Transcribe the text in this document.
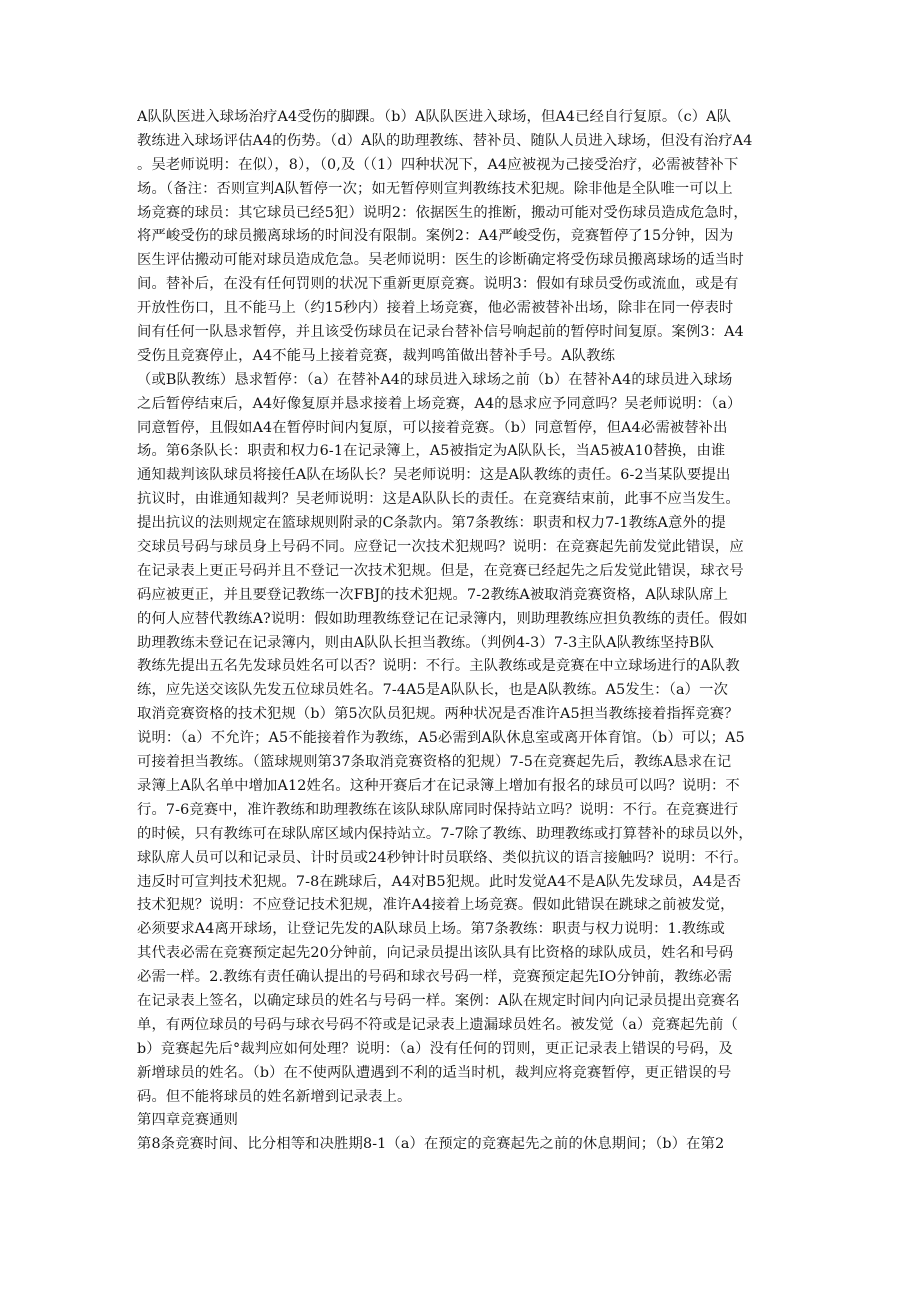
A队队医进入球场治疗A4受伤的脚踝。（b）A队队医进入球场，但A4已经自行复原。（c）A队
教练进入球场评估A4的伤势。（d）A队的助理教练、替补员、随队人员进入球场，但没有治疗A4
。吴老师说明：在似），8），（0,及（（1）四种状况下，A4应被视为己接受治疗，必需被替补下
场。（备注：否则宣判A队暂停一次；如无暂停则宣判教练技术犯规。除非他是全队唯一可以上
场竞赛的球员：其它球员已经5犯）说明2：依据医生的推断，搬动可能对受伤球员造成危急时，
将严峻受伤的球员搬离球场的时间没有限制。案例2：A4严峻受伤，竞赛暂停了15分钟，因为
医生评估搬动可能对球员造成危急。吴老师说明：医生的诊断确定将受伤球员搬离球场的适当时
间。替补后，在没有任何罚则的状况下重新更原竞赛。说明3：假如有球员受伤或流血，或是有
开放性伤口，且不能马上（约15秒内）接着上场竞赛，他必需被替补出场，除非在同一停表时
间有任何一队恳求暂停，并且该受伤球员在记录台替补信号响起前的暂停时间复原。案例3：A4
受伤且竞赛停止，A4不能马上接着竞赛，裁判鸣笛做出替补手号。A队教练
（或B队教练）恳求暂停：（a）在替补A4的球员进入球场之前（b）在替补A4的球员进入球场
之后暂停结束后，A4好像复原并恳求接着上场竞赛，A4的恳求应予同意吗？吴老师说明：（a）
同意暂停，且假如A4在暂停时间内复原，可以接着竞赛。（b）同意暂停，但A4必需被替补出
场。第6条队长：职责和权力6-1在记录簿上，A5被指定为A队队长，当A5被A10替换，由谁
通知裁判该队球员将接任A队在场队长？吴老师说明：这是A队教练的责任。6-2当某队要提出
抗议时，由谁通知裁判？吴老师说明：这是A队队长的责任。在竞赛结束前，此事不应当发生。
提出抗议的法则规定在篮球规则附录的C条款内。第7条教练：职责和权力7-1教练A意外的提
交球员号码与球员身上号码不同。应登记一次技术犯规吗？说明：在竞赛起先前发觉此错误，应
在记录表上更正号码并且不登记一次技术犯规。但是，在竞赛已经起先之后发觉此错误，球衣号
码应被更正，并且要登记教练一次FBJ的技术犯规。7-2教练A被取消竞赛资格，A队球队席上
的何人应替代教练A?说明：假如助理教练登记在记录簿内，则助理教练应担负教练的责任。假如
助理教练未登记在记录簿内，则由A队队长担当教练。（判例4-3）7-3主队A队教练坚持B队
教练先提出五名先发球员姓名可以否？说明：不行。主队教练或是竞赛在中立球场进行的A队教
练，应先送交该队先发五位球员姓名。7-4A5是A队队长，也是A队教练。A5发生：（a）一次
取消竞赛资格的技术犯规（b）第5次队员犯规。两种状况是否准许A5担当教练接着指挥竞赛？
说明：（a）不允许；A5不能接着作为教练，A5必需到A队休息室或离开体育馆。（b）可以；A5
可接着担当教练。（篮球规则第37条取消竞赛资格的犯规）7-5在竞赛起先后，教练A恳求在记
录簿上A队名单中增加A12姓名。这种开赛后才在记录簿上增加有报名的球员可以吗？说明：不
行。7-6竞赛中，准许教练和助理教练在该队球队席同时保持站立吗？说明：不行。在竞赛进行
的时候，只有教练可在球队席区域内保持站立。7-7除了教练、助理教练或打算替补的球员以外，
球队席人员可以和记录员、计时员或24秒钟计时员联络、类似抗议的语言接触吗？说明：不行。
违反时可宣判技术犯规。7-8在跳球后，A4对B5犯规。此时发觉A4不是A队先发球员，A4是否
技术犯规？说明：不应登记技术犯规，准许A4接着上场竞赛。假如此错误在跳球之前被发觉，
必须要求A4离开球场，让登记先发的A队球员上场。第7条教练：职责与权力说明：1.教练或
其代表必需在竞赛预定起先20分钟前，向记录员提出该队具有比资格的球队成员，姓名和号码
必需一样。2.教练有责任确认提出的号码和球衣号码一样，竞赛预定起先IO分钟前，教练必需
在记录表上签名，以确定球员的姓名与号码一样。案例：A队在规定时间内向记录员提出竞赛名
单，有两位球员的号码与球衣号码不符或是记录表上遗漏球员姓名。被发觉（a）竞赛起先前（
b）竞赛起先后°裁判应如何处理？说明：（a）没有任何的罚则，更正记录表上错误的号码，及
新增球员的姓名。（b）在不使两队遭遇到不利的适当时机，裁判应将竞赛暂停，更正错误的号
码。但不能将球员的姓名新增到记录表上。
第四章竞赛通则
第8条竞赛时间、比分相等和决胜期8-1（a）在预定的竞赛起先之前的休息期间；（b）在第2
